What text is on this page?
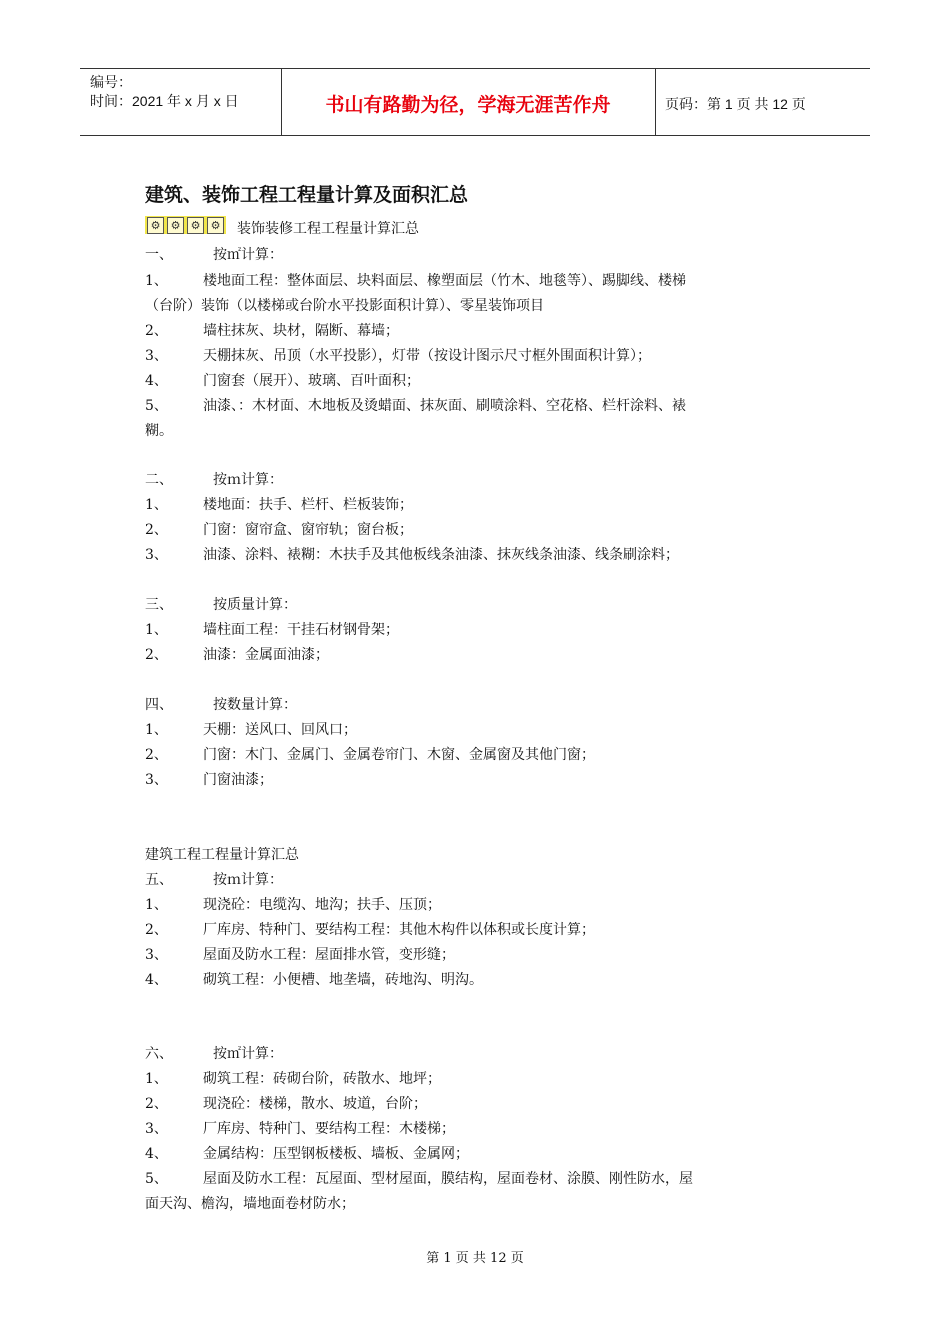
编号：
时间：2021 年 x 月 x 日	书山有路勤为径，学海无涯苦作舟	页码：第 1 页 共 12 页
建筑、装饰工程工程量计算及面积汇总
⚙ ⚙ ⚙ ⚙ 装饰装修工程工程量计算汇总
一、	按㎡计算：
1、	楼地面工程：整体面层、块料面层、橡塑面层（竹木、地毯等）、踢脚线、楼梯
（台阶）装饰（以楼梯或台阶水平投影面积计算）、零星装饰项目
2、	墙柱抹灰、块材，隔断、幕墙；
3、	天棚抹灰、吊顶（水平投影），灯带（按设计图示尺寸框外围面积计算）；
4、	门窗套（展开）、玻璃、百叶面积；
5、	油漆、：木材面、木地板及烫蜡面、抹灰面、刷喷涂料、空花格、栏杆涂料、裱
糊。
二、	按ｍ计算：
1、	楼地面：扶手、栏杆、栏板装饰；
2、	门窗：窗帘盒、窗帘轨；窗台板；
3、	油漆、涂料、裱糊：木扶手及其他板线条油漆、抹灰线条油漆、线条刷涂料；
三、	按质量计算：
1、	墙柱面工程：干挂石材钢骨架；
2、	油漆：金属面油漆；
四、	按数量计算：
1、	天棚：送风口、回风口；
2、	门窗：木门、金属门、金属卷帘门、木窗、金属窗及其他门窗；
3、	门窗油漆；
建筑工程工程量计算汇总
五、	按ｍ计算：
1、	现浇砼：电缆沟、地沟；扶手、压顶；
2、	厂库房、特种门、要结构工程：其他木构件以体积或长度计算；
3、	屋面及防水工程：屋面排水管，变形缝；
4、	砌筑工程：小便槽、地垄墙，砖地沟、明沟。
六、	按㎡计算：
1、	砌筑工程：砖砌台阶，砖散水、地坪；
2、	现浇砼：楼梯，散水、坡道，台阶；
3、	厂库房、特种门、要结构工程：木楼梯；
4、	金属结构：压型钢板楼板、墙板、金属网；
5、	屋面及防水工程：瓦屋面、型材屋面，膜结构，屋面卷材、涂膜、刚性防水，屋
面天沟、檐沟，墙地面卷材防水；
第 1 页 共 12 页
